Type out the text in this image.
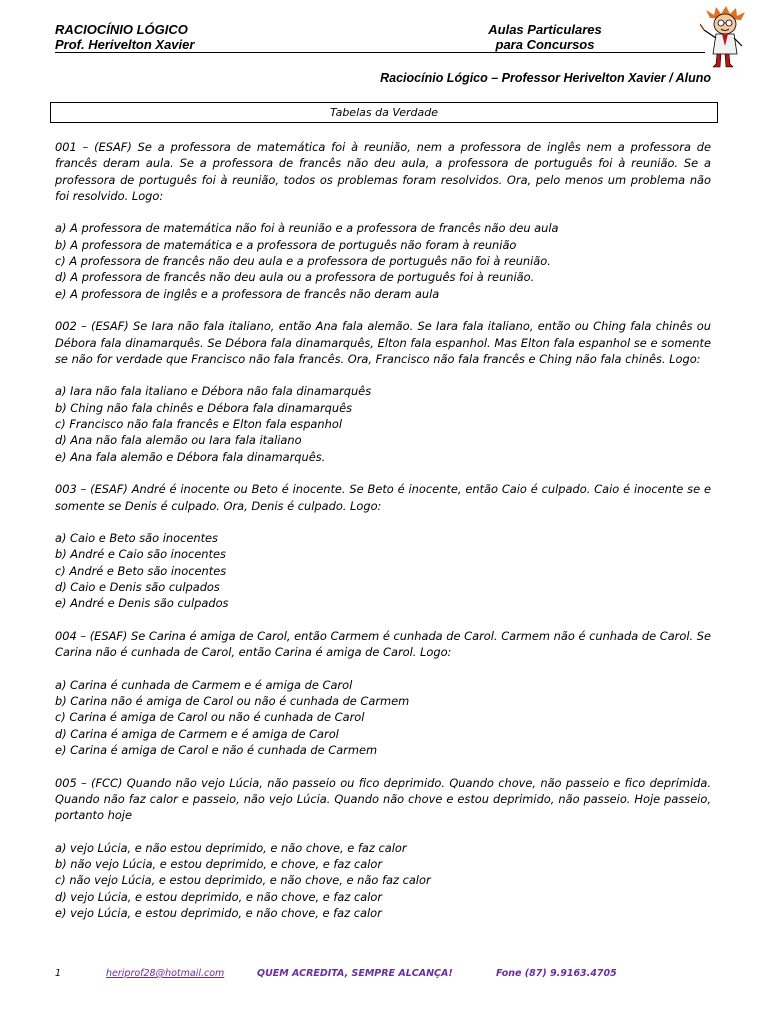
RACIOCÍNIO LÓGICO
Prof. Herivelton Xavier
Aulas Particulares
para Concursos
Raciocínio Lógico – Professor Herivelton Xavier / Aluno
Tabelas da Verdade
001 – (ESAF) Se a professora de matemática foi à reunião, nem a professora de inglês nem a professora de francês deram aula. Se a professora de francês não deu aula, a professora de português foi à reunião. Se a professora de português foi à reunião, todos os problemas foram resolvidos. Ora, pelo menos um problema não foi resolvido. Logo:
a) A professora de matemática não foi à reunião e a professora de francês não deu aula
b) A professora de matemática e a professora de português não foram à reunião
c) A professora de francês não deu aula e a professora de português não foi à reunião.
d) A professora de francês não deu aula ou a professora de português foi à reunião.
e) A professora de inglês e a professora de francês não deram aula
002 – (ESAF) Se Iara não fala italiano, então Ana fala alemão. Se Iara fala italiano, então ou Ching fala chinês ou Débora fala dinamarquês. Se Débora fala dinamarquês, Elton fala espanhol. Mas Elton fala espanhol se e somente se não for verdade que Francisco não fala francês. Ora, Francisco não fala francês e Ching não fala chinês. Logo:
a) Iara não fala italiano e Débora não fala dinamarquês
b) Ching não fala chinês e Débora fala dinamarquês
c) Francisco não fala francês e Elton fala espanhol
d) Ana não fala alemão ou Iara fala italiano
e) Ana fala alemão e Débora fala dinamarquês.
003 – (ESAF) André é inocente ou Beto é inocente. Se Beto é inocente, então Caio é culpado. Caio é inocente se e somente se Denis é culpado. Ora, Denis é culpado. Logo:
a) Caio e Beto são inocentes
b) André e Caio são inocentes
c) André e Beto são inocentes
d) Caio e Denis são culpados
e) André e Denis são culpados
004 – (ESAF) Se Carina é amiga de Carol, então Carmem é cunhada de Carol. Carmem não é cunhada de Carol. Se Carina não é cunhada de Carol, então Carina é amiga de Carol. Logo:
a) Carina é cunhada de Carmem e é amiga de Carol
b) Carina não é amiga de Carol ou não é cunhada de Carmem
c) Carina é amiga de Carol ou não é cunhada de Carol
d) Carina é amiga de Carmem e é amiga de Carol
e) Carina é amiga de Carol e não é cunhada de Carmem
005 – (FCC) Quando não vejo Lúcia, não passeio ou fico deprimido. Quando chove, não passeio e fico deprimida. Quando não faz calor e passeio, não vejo Lúcia. Quando não chove e estou deprimido, não passeio. Hoje passeio, portanto hoje
a) vejo Lúcia, e não estou deprimido, e não chove, e faz calor
b) não vejo Lúcia, e estou deprimido, e chove, e faz calor
c) não vejo Lúcia, e estou deprimido, e não chove, e não faz calor
d) vejo Lúcia, e estou deprimido, e não chove, e faz calor
e) vejo Lúcia, e estou deprimido, e não chove, e faz calor
1	heriprof28@hotmail.com	QUEM ACREDITA, SEMPRE ALCANÇA!	Fone (87) 9.9163.4705
